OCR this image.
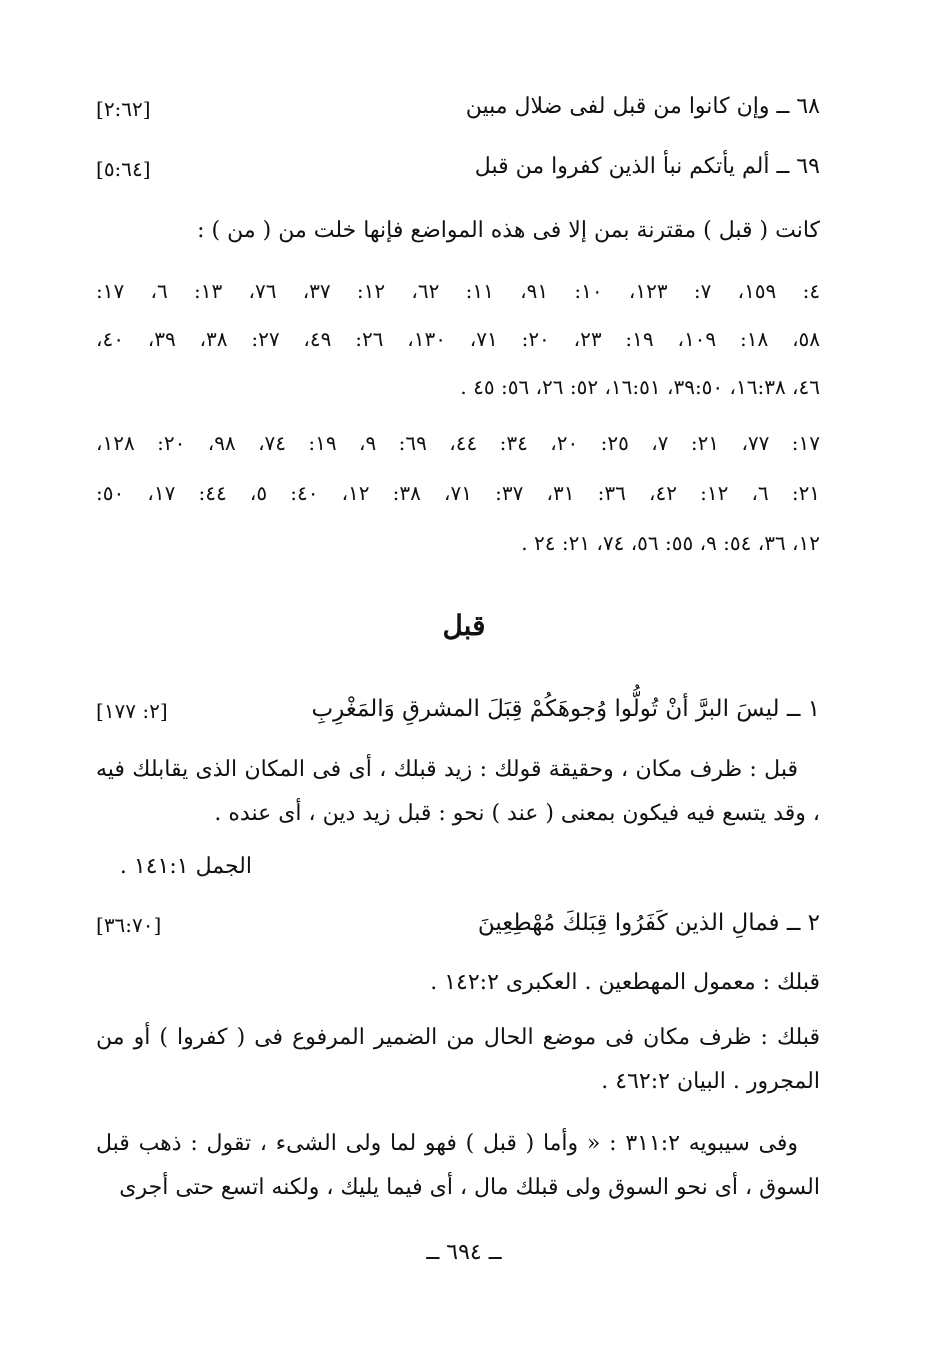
٦٨ ــ وإن كانوا من قبل لفى ضلال مبين
[٢:٦٢]
٦٩ ــ ألم يأتكم نبأ الذين كفروا من قبل
[٥:٦٤]
كانت ( قبل ) مقترنة بمن إلا فى هذه المواضع فإنها خلت من ( من ) :
٤: ١٥٩، ٧: ١٢٣، ١٠: ٩١، ١١: ٦٢، ١٢: ٣٧، ٧٦، ١٣: ٦، ١٧:
٥٨، ١٨: ١٠٩، ١٩: ٢٣، ٢٠: ٧١، ١٣٠، ٢٦: ٤٩، ٢٧: ٣٨، ٣٩، ٤٠،
٤٦، ١٦:٣٨، ٣٩:٥٠، ١٦:٥١، ٥٢: ٢٦، ٥٦: ٤٥ .
١٧: ٧٧، ٢١: ٧، ٢٥: ٢٠، ٣٤: ٤٤، ٦٩: ٩، ١٩: ٧٤، ٩٨، ٢٠: ١٢٨،
٢١: ٦، ١٢: ٤٢، ٣٦: ٣١، ٣٧: ٧١، ٣٨: ١٢، ٤٠: ٥، ٤٤: ١٧، ٥٠:
١٢، ٣٦، ٥٤: ٩، ٥٥: ٥٦، ٧٤، ٢١: ٢٤ .
قبل
١ ــ ليسَ البرَّ أنْ تُولُّوا وُجوهَكُمْ قِبَلَ المشرقِ وَالمَغْرِبِ
[٢: ١٧٧]
قبل : ظرف مكان ، وحقيقة قولك : زيد قبلك ، أى فى المكان الذى يقابلك فيه ، وقد يتسع فيه فيكون بمعنى ( عند ) نحو : قبل زيد دين ، أى عنده .
الجمل ١٤١:١ .
٢ ــ فمالِ الذين كَفَرُوا قِبَلكَ مُهْطِعِينَ
[٣٦:٧٠]
قبلك : معمول المهطعين . العكبرى ١٤٢:٢ .
قبلك : ظرف مكان فى موضع الحال من الضمير المرفوع فى ( كفروا ) أو من المجرور . البيان ٤٦٢:٢ .
وفى سيبويه ٣١١:٢ : « وأما ( قبل ) فهو لما ولى الشىء ، تقول : ذهب قبل السوق ، أى نحو السوق ولى قبلك مال ، أى فيما يليك ، ولكنه اتسع حتى أجرى
ــ ٦٩٤ ــ
